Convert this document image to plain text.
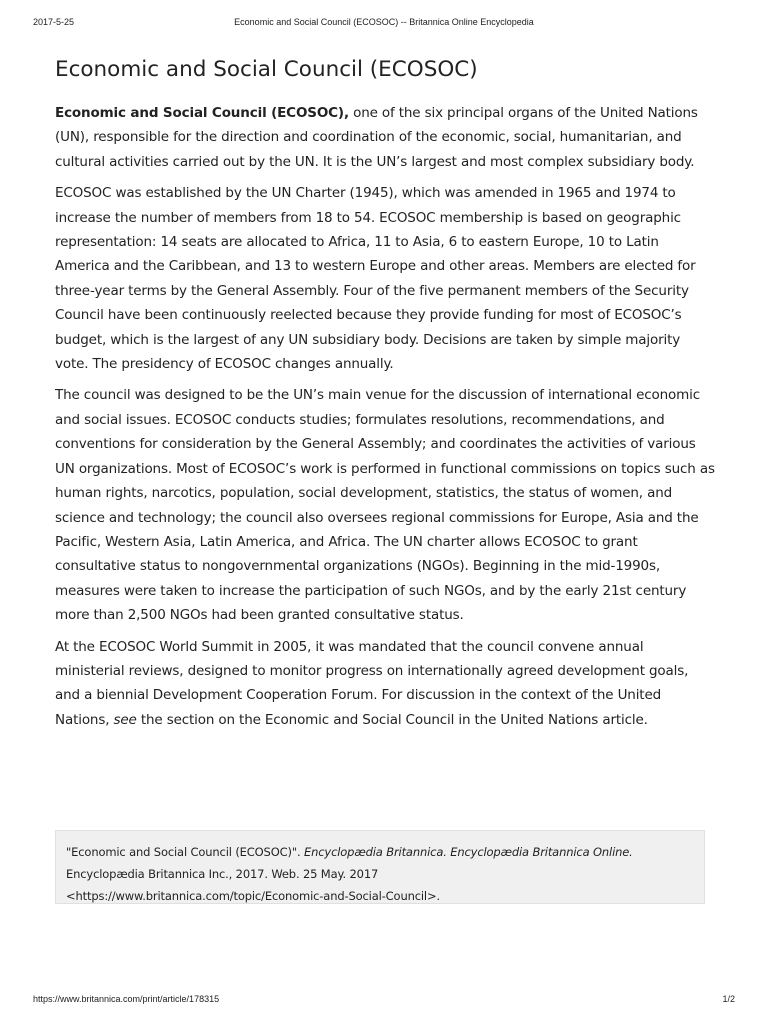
2017-5-25	Economic and Social Council (ECOSOC) -- Britannica Online Encyclopedia
Economic and Social Council (ECOSOC)

Economic and Social Council (ECOSOC), one of the six principal organs of the United Nations (UN), responsible for the direction and coordination of the economic, social, humanitarian, and cultural activities carried out by the UN. It is the UN’s largest and most complex subsidiary body.

ECOSOC was established by the UN Charter (1945), which was amended in 1965 and 1974 to increase the number of members from 18 to 54. ECOSOC membership is based on geographic representation: 14 seats are allocated to Africa, 11 to Asia, 6 to eastern Europe, 10 to Latin America and the Caribbean, and 13 to western Europe and other areas. Members are elected for three-year terms by the General Assembly. Four of the five permanent members of the Security Council have been continuously reelected because they provide funding for most of ECOSOC’s budget, which is the largest of any UN subsidiary body. Decisions are taken by simple majority vote. The presidency of ECOSOC changes annually.

The council was designed to be the UN’s main venue for the discussion of international economic and social issues. ECOSOC conducts studies; formulates resolutions, recommendations, and conventions for consideration by the General Assembly; and coordinates the activities of various UN organizations. Most of ECOSOC’s work is performed in functional commissions on topics such as human rights, narcotics, population, social development, statistics, the status of women, and science and technology; the council also oversees regional commissions for Europe, Asia and the Pacific, Western Asia, Latin America, and Africa. The UN charter allows ECOSOC to grant consultative status to nongovernmental organizations (NGOs). Beginning in the mid-1990s, measures were taken to increase the participation of such NGOs, and by the early 21st century more than 2,500 NGOs had been granted consultative status.

At the ECOSOC World Summit in 2005, it was mandated that the council convene annual ministerial reviews, designed to monitor progress on internationally agreed development goals, and a biennial Development Cooperation Forum. For discussion in the context of the United Nations, see the section on the Economic and Social Council in the United Nations article.

"Economic and Social Council (ECOSOC)". Encyclopædia Britannica. Encyclopædia Britannica Online. Encyclopædia Britannica Inc., 2017. Web. 25 May. 2017
<https://www.britannica.com/topic/Economic-and-Social-Council>.
https://www.britannica.com/print/article/178315	1/2
